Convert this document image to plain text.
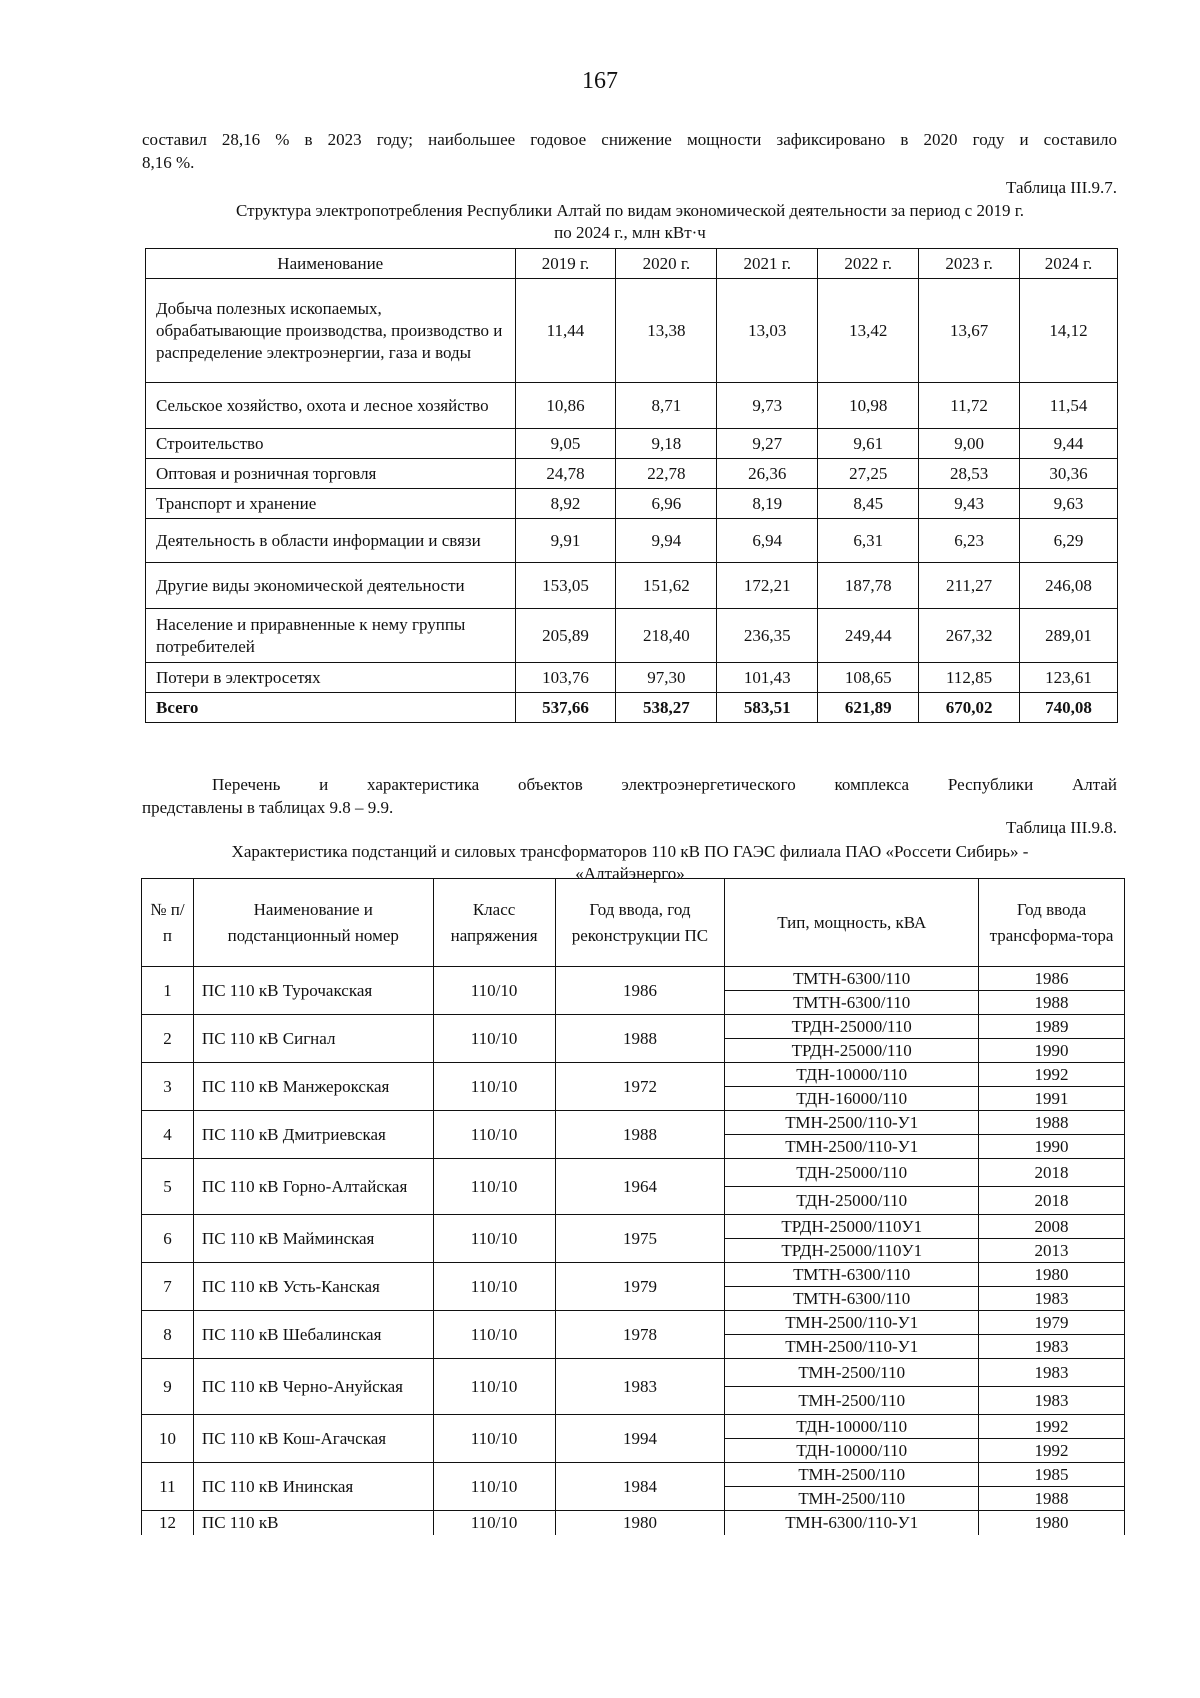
167
составил 28,16 % в 2023 году; наибольшее годовое снижение мощности зафиксировано в 2020 году и составило
8,16 %.
Таблица III.9.7.
Структура электропотребления Республики Алтай по видам экономической деятельности за период с 2019 г.
по 2024 г., млн кВт·ч
Наименование	2019 г.	2020 г.	2021 г.	2022 г.	2023 г.	2024 г.
Добыча полезных ископаемых, обрабатывающие производства, производство и распределение электроэнергии, газа и воды	11,44	13,38	13,03	13,42	13,67	14,12
Сельское хозяйство, охота и лесное хозяйство	10,86	8,71	9,73	10,98	11,72	11,54
Строительство	9,05	9,18	9,27	9,61	9,00	9,44
Оптовая и розничная торговля	24,78	22,78	26,36	27,25	28,53	30,36
Транспорт и хранение	8,92	6,96	8,19	8,45	9,43	9,63
Деятельность в области информации и связи	9,91	9,94	6,94	6,31	6,23	6,29
Другие виды экономической деятельности	153,05	151,62	172,21	187,78	211,27	246,08
Население и приравненные к нему группы потребителей	205,89	218,40	236,35	249,44	267,32	289,01
Потери в электросетях	103,76	97,30	101,43	108,65	112,85	123,61
Всего	537,66	538,27	583,51	621,89	670,02	740,08
Перечень и характеристика объектов электроэнергетического комплекса Республики Алтай
представлены в таблицах 9.8 – 9.9.
Таблица III.9.8.
Характеристика подстанций и силовых трансформаторов 110 кВ ПО ГАЭС филиала ПАО «Россети Сибирь» -
«Алтайэнерго»
№ п/п	Наименование и подстанционный номер	Класс напряжения	Год ввода, год реконструкции ПС	Тип, мощность, кВА	Год ввода трансформа-тора
1	ПС 110 кВ Турочакская	110/10	1986	ТМТН-6300/110	1986
				ТМТН-6300/110	1988
2	ПС 110 кВ Сигнал	110/10	1988	ТРДН-25000/110	1989
				ТРДН-25000/110	1990
3	ПС 110 кВ Манжерокская	110/10	1972	ТДН-10000/110	1992
				ТДН-16000/110	1991
4	ПС 110 кВ Дмитриевская	110/10	1988	ТМН-2500/110-У1	1988
				ТМН-2500/110-У1	1990
5	ПС 110 кВ Горно-Алтайская	110/10	1964	ТДН-25000/110	2018
				ТДН-25000/110	2018
6	ПС 110 кВ Майминская	110/10	1975	ТРДН-25000/110У1	2008
				ТРДН-25000/110У1	2013
7	ПС 110 кВ Усть-Канская	110/10	1979	ТМТН-6300/110	1980
				ТМТН-6300/110	1983
8	ПС 110 кВ Шебалинская	110/10	1978	ТМН-2500/110-У1	1979
				ТМН-2500/110-У1	1983
9	ПС 110 кВ Черно-Ануйская	110/10	1983	ТМН-2500/110	1983
				ТМН-2500/110	1983
10	ПС 110 кВ Кош-Агачская	110/10	1994	ТДН-10000/110	1992
				ТДН-10000/110	1992
11	ПС 110 кВ Ининская	110/10	1984	ТМН-2500/110	1985
				ТМН-2500/110	1988
12	ПС 110 кВ	110/10	1980	ТМН-6300/110-У1	1980
